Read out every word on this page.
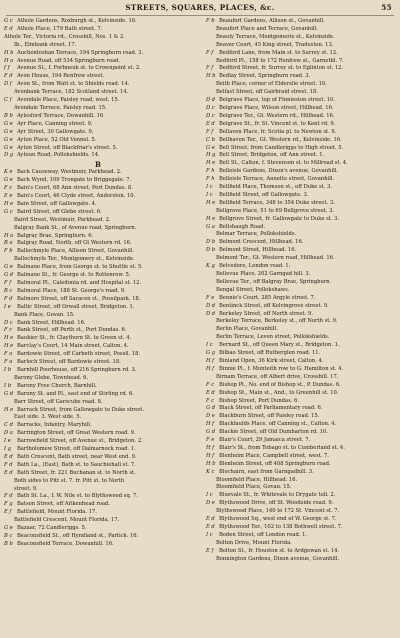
STREETS, SQUARES, PLACES, &c.	55
G c Athole Gardens, Roxburgh st., Kelvinside. 16.
E d Athole Place, 179 Bath street. 7.
Athole Ter., Victoria rd., Crosshill, Nos. 1 & 2.
Ib., Elmbank street. 17.
H b Auchentoshan Terrace, 194 Springburn road. 3.
H a Avenue Road, off 534 Springburn road.
f f Avenue St., f. Forbneuk st. to Crownpoint st. 2.
F d Avon House, 194 Renfrew street.
D f Avon St., from Watt st. to Shields road. 14.
Avonbank Terrace, 182 Scotland street. 14.
C f Avondale Place, Paisley road, west. 15.
Avondale Terrace, Paisley road. 15.
B b Aylesford Terrace, Dowanhill. 16.
G e Ayr Place, Canning street. 9.
G e Ayr Street, 30 Gallowgate. 9.
G e Ayton Place, 52 Old Vennel. 5.
G e Ayton Street, off Blackfriar's street. 5.
D g Aytoun Road, Pollokshields. 14.
B
K e Back Causeway, Westmuir, Parkhead. 2.
G e Back Wynd, 109 Trongate to Briggegate. 7.
F c Bain's Court, 68 Ann street, Port Dundas. 8.
E e Bain's Court, 46 Clyde street, Anderston. 10.
H e Bain Street, off Gallowgate. 4.
G c Baird Street, off Glebe street. 6.
Baird Street, Westmuir, Parkhead. 2.
Balgray Bank St., of Avenue road, Springburn.
H a Balgray Brae, Springburn. 6.
B a Balgray Road, North, off Gt Western rd. 16.
F b Ballochmyle Place, Allison Street, Govanhill.
Ballochmyle Ter., Montgomery st., Kelvinside.
G e Balmano Place, from George st. to Shuttle st. 5.
G d Balmano St., fr. George st. to Rottenrow. 5.
F f Balmoral Pl., Caledonia rd. and Hospital st. 12.
B c Balmoral Place, 188 St. George's road. 9.
F d Balmoro Street, off Saracen st., Possilpark. 18.
I e Baltic Street, off Orwall street, Bridgeton. 1.
Bank Place, Govan. 15.
D c Bank Street, Hillhead. 16.
F c Bank Street, off Perth st., Port Dundas. 6.
H e Baukier St., fr. Claythorn St. to Green st. 4.
H e Barclay's Court, 14 Main street, Calton. 4.
F a Bardowie Street, off Carbeth street, Possil. 18.
F a Barloch Street, off Bardowie street. 18.
I b Barnhill Poorhouse, off 216 Springburn rd. 3.
Barony Glebe, Townhead. 6.
I b Barony Free Church, Barnhill.
G d Barony St. and Pl., east end of Stirling rd. 6.
Barr Street, off Garscube road. 8.
H e Barrack Street, from Gallowgate to Duke street.
East side. 3. West side. 5.
C d Barracks, Infantry, Maryhill.
D a Barrington Street, off Great Western road. 9.
I e Barrowfield Street, off Avenue st., Bridgeton. 2.
I g Bartholomew Street, off Dalmarnock road. 1.
E d Bath Crescent, Bath street, near West end. 9.
F d Bath La., (East), Bath st. to Sauchiehall st. 7.
E d Bath Street, fr. 221 Buchanan st. to North st.
Both sides to Pitt st. 7. fr. Pitt st. to North
street. 9.
F d Bath St. La., f. W. Nile st. to Blythswood sq. 7.
F g Batson Street, off Aitkenhead road.
E f Battlefield, Mount Florida. 17.
Battlefield Crescent, Mount Florida. 17.
G e Bazaar, 72 Candleriggs. 5.
B c Beaconsfield St., off Hyndland st., Partick. 16.
B b Beaconsfield Terrace, Dowanhill. 16.
F b Beaufort Gardens, Allison st., Govanhill.
Beaufort Place and Terrace, Govanhill.
Beauly Terrace, Montgomerie st., Kelvinside.
Beaver Court, 45 King street, Tradeston. 13.
F f Bedford Lane, from Main st. to Surrey st. 12.
Bedford Pl., 158 to 172 Renfrew st., Garnethl. 7.
F f Bedford Street, fr. Surrey st. to Eglinton st. 12.
H b Bedlay Street, Springburn road. 3.
Beith Place, corner of Elderslie street. 10.
Belfast Street, off Gairbraid street. 18.
D d Belgrave Place, top of Finnieston street. 10.
D c Belgrave Place, Wilson street, Hillhead. 16.
D c Belgrave Ter., Gt. Western rd., Hillhead. 16.
E d Belgrave St., fr. St. Vincent st. to Kent rd. 9.
F f Bellaven Place, fr. Scotia pl. to Newton st. 9.
C b Bellhaven Ter., Gt. Western rd., Kelvinside. 16.
G e Bell Street, from Candleriggs to High street. 5.
H g Bell Street, Bridgeton, off Ann street. 1.
H e Bell St., Calton, f. Stevenson st. to Millroad st. 4.
F h Belleisle Gardens, Dixon's avenue, Govanhill.
F h Belleisle Terrace, Annette street, Govanhill.
I c Bellfield Place, Thomson st., off Duke st. 3.
I c Bellfield Street, off Gallowgate. 3.
H e Bellfield Terrace, 348 to 354 Duke street. 3.
Bellgrove Place, 51 to 69 Bellgrove street. 3.
H e Bellgrove Street, fr. Gallowgate to Duke st. 3.
G a Bellshaugh Road.
Belmar Terrace, Pollokshields.
D b Belmont Crescent, Hillhead. 16.
D b Belmont Street, Hillhead. 16.
Belmont Ter., Gt. Western road, Hillhead. 16.
K g Belvedere, London road. 1.
Bellevue Place, 202 Garngad hill. 3.
Bellevue Ter., off Balgray Brae, Springburn.
Bengal Street, Pollokshaws.
F e Bennie's Court, 285 Argyle street. 7.
D d Bentinck Street, off Kelvingrove street. 9.
D d Berkeley Street, off North street. 9.
Berkeley Terrace, Berkeley st., off North st. 9.
Berlin Place, Govanhill.
Berlin Terrace, Leven street, Pollokshields.
I c Bernard St., off Queen Mary st., Bridgeton. 1.
G g Bilbao Street, off Rutherglen road. 11.
H f Binland Open, 36 Kirk street, Calton. 4.
H f Binnie Pl., f. Monteith row to G. Hamilton st. 4.
Birnam Terrace, off Albert drive, Crosshill. 17.
F c Bishop Pl., No. end of Bishop st., P. Dundas. 6.
E d Bishop St., Main st., And., to Greenhill st. 10.
F c Bishop Street, Port Dundas. 6.
G d Black Street, off Parliamentary road. 6.
D e Blackburn Street, off Paisley road. 15.
H f Blackfaulds Place, off Canning st., Calton. 4.
G d Blackie Street, off Old Dumbarton rd. 10.
F e Blair's Court, 29 Jamaica street. 7.
H f Blair's St., from Tobago st. to Cumberland st. 4.
H f Blenheim Place, Campbell street, west. 7.
H b Blenheim Street, off 408 Springburn road.
K c Blochairn, east from Garngadhill. 3.
Bloomfield Place, Hillhead. 16.
Bloomfield Place, Govan. 15.
I c Bluevale St., fr. Whitevale to Drygate toll. 2.
D e Blythswood Drive, off St. Woodside road. 9.
Blythswood Place, 140 to 172 St. Vincent st. 7.
E d Blythswood Sq., west end of W. George st. 7.
E d Blythswood Ter., 102 to 138 Bothwell street. 7.
I c Boden Street, off London road. 1.
Bolton Drive, Mount Florida.
E f Bolton St., fr. Houston st. to Ardgowan st. 14.
Bonnington Gardens, Dixon avenue, Govanhill.
